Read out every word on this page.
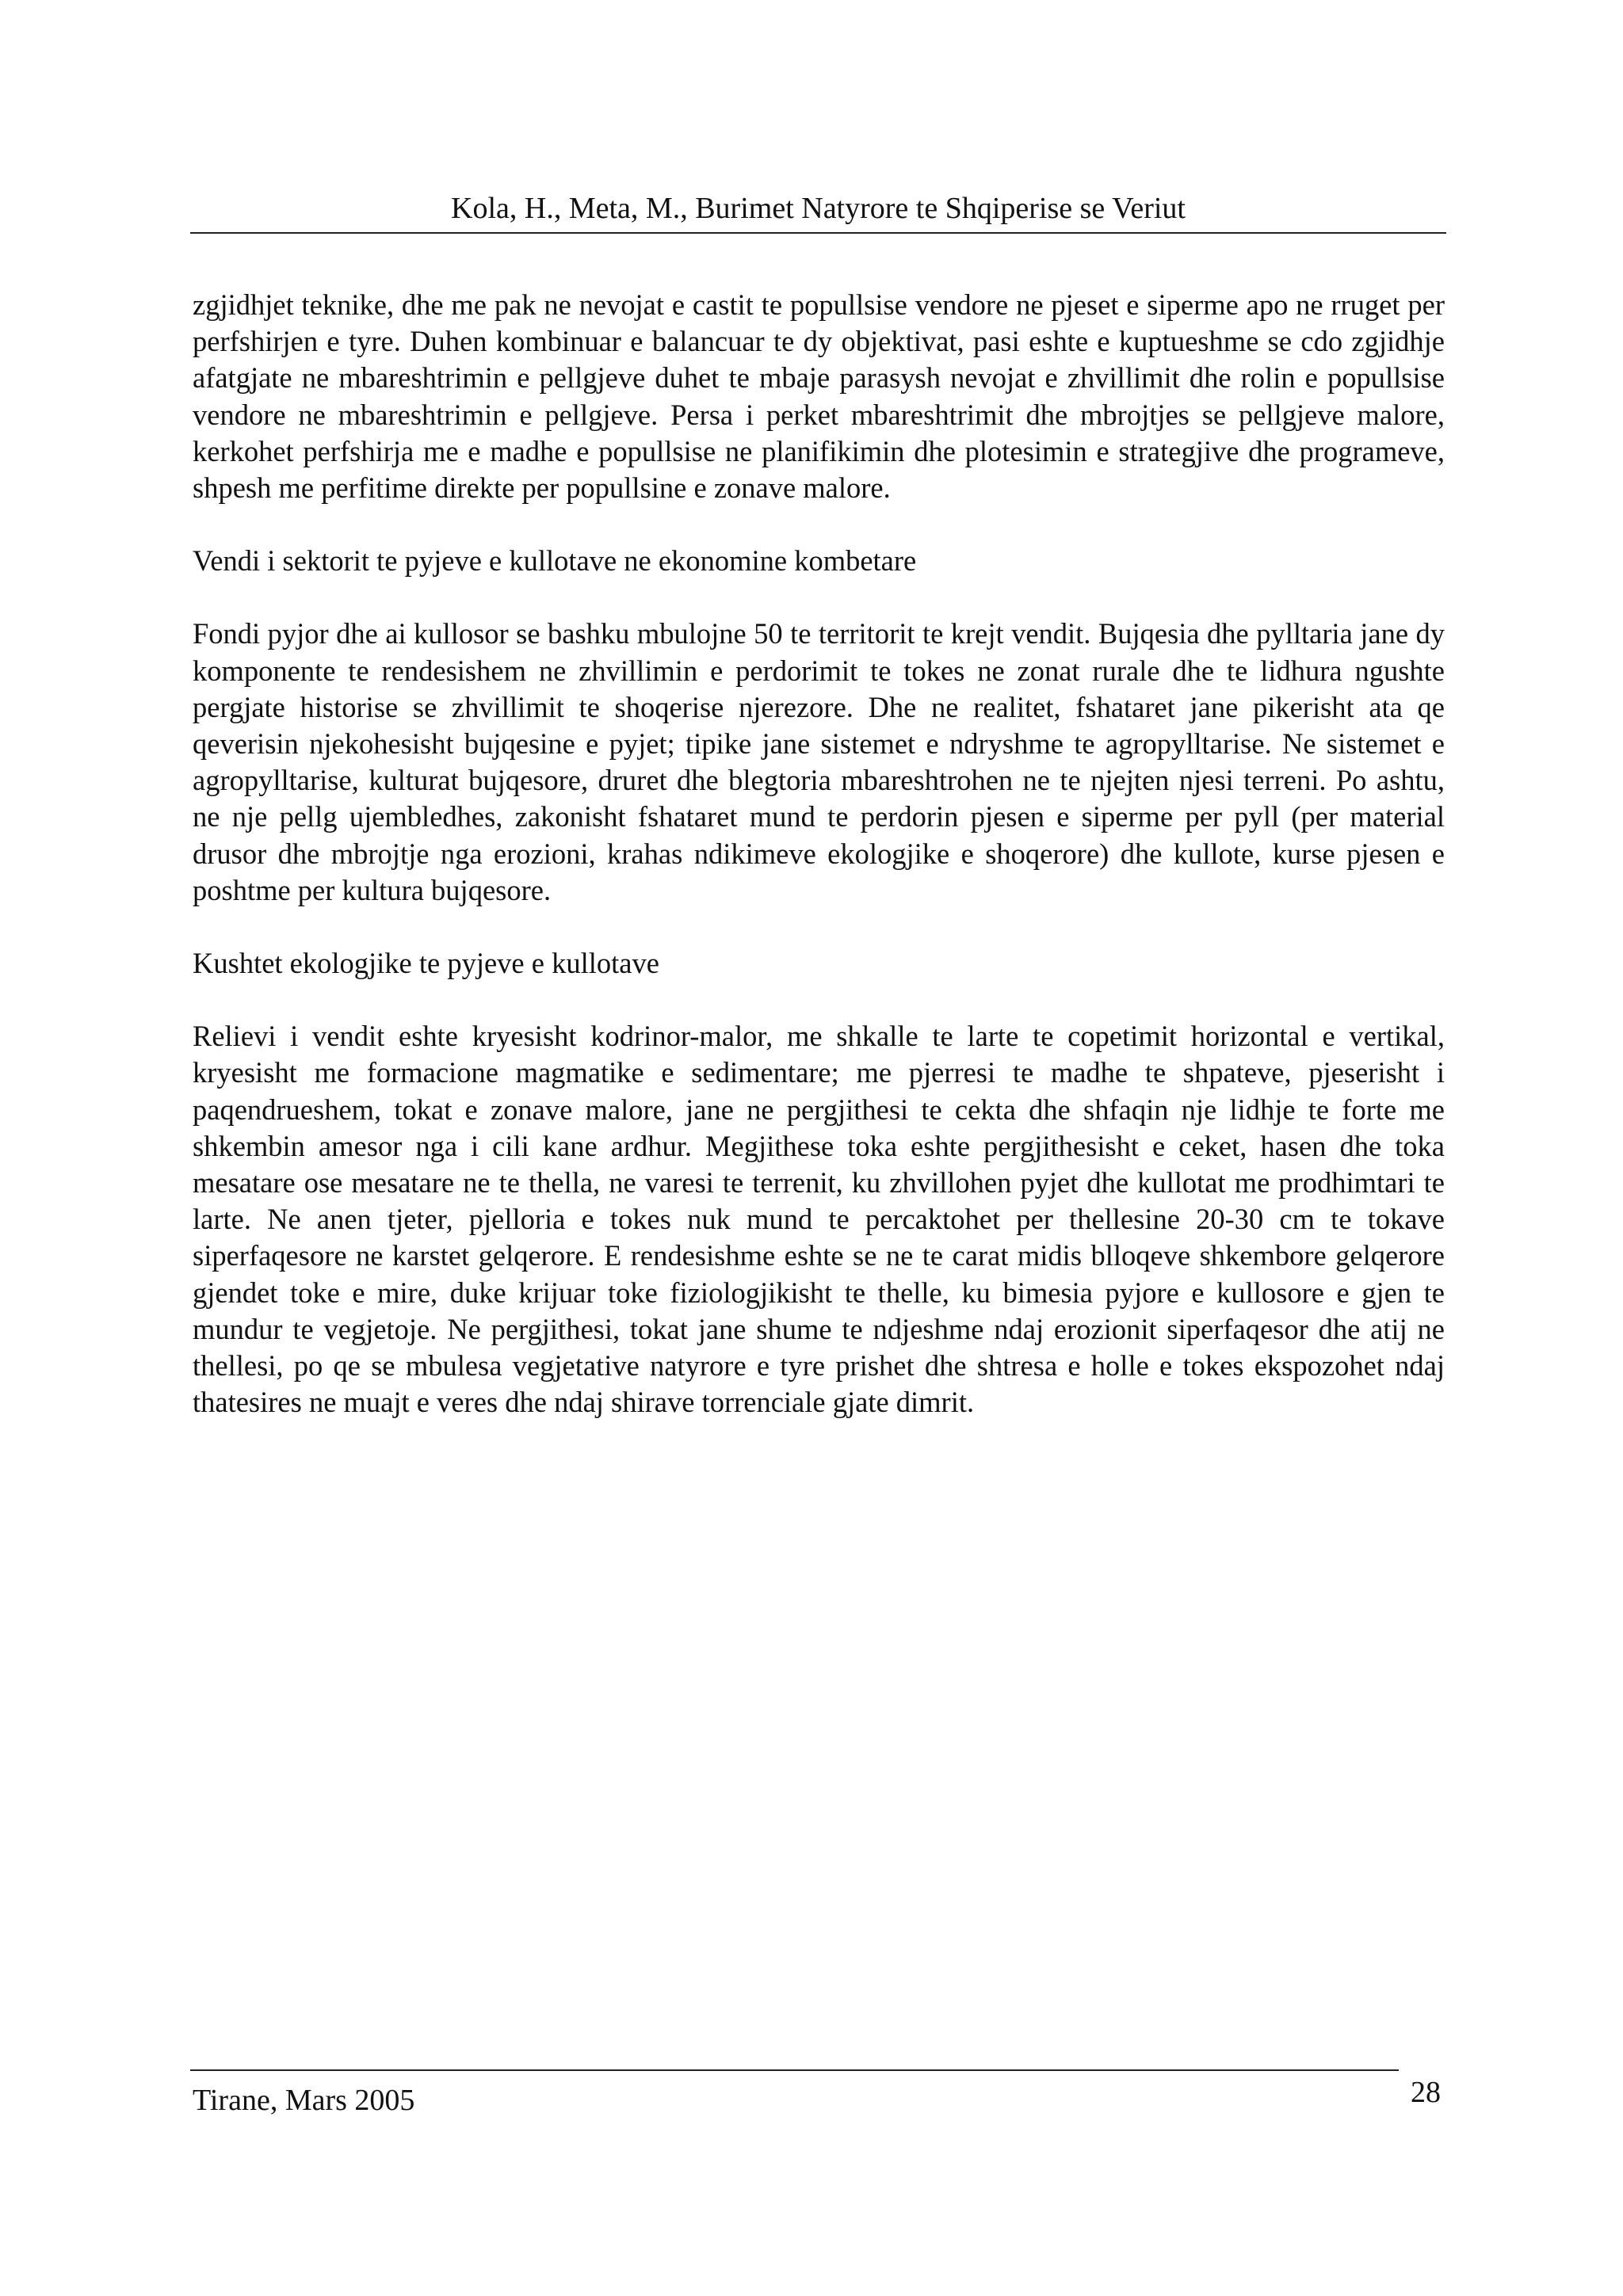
Kola, H., Meta, M., Burimet Natyrore te Shqiperise se Veriut

zgjidhjet teknike, dhe me pak ne nevojat e castit te popullsise vendore ne pjeset e siperme apo ne rruget per perfshirjen e tyre. Duhen kombinuar e balancuar te dy objektivat, pasi eshte e kuptueshme se cdo zgjidhje afatgjate ne mbareshtrimin e pellgjeve duhet te mbaje parasysh nevojat e zhvillimit dhe rolin e popullsise vendore ne mbareshtrimin e pellgjeve. Persa i perket mbareshtrimit dhe mbrojtjes se pellgjeve malore, kerkohet perfshirja me e madhe e popullsise ne planifikimin dhe plotesimin e strategjive dhe programeve, shpesh me perfitime direkte per popullsine e zonave malore.

Vendi i sektorit te pyjeve e kullotave ne ekonomine kombetare

Fondi pyjor dhe ai kullosor se bashku mbulojne 50 te territorit te krejt vendit. Bujqesia dhe pylltaria jane dy komponente te rendesishem ne zhvillimin e perdorimit te tokes ne zonat rurale dhe te lidhura ngushte pergjate historise se zhvillimit te shoqerise njerezore. Dhe ne realitet, fshataret jane pikerisht ata qe qeverisin njekohesisht bujqesine e pyjet; tipike jane sistemet e ndryshme te agropylltarise. Ne sistemet e agropylltarise, kulturat bujqesore, druret dhe blegtoria mbareshtrohen ne te njejten njesi terreni. Po ashtu, ne nje pellg ujembledhes, zakonisht fshataret mund te perdorin pjesen e siperme per pyll (per material drusor dhe mbrojtje nga erozioni, krahas ndikimeve ekologjike e shoqerore) dhe kullote, kurse pjesen e poshtme per kultura bujqesore.

Kushtet ekologjike te pyjeve e kullotave

Relievi i vendit eshte kryesisht kodrinor-malor, me shkalle te larte te copetimit horizontal e vertikal, kryesisht me formacione magmatike e sedimentare; me pjerresi te madhe te shpateve, pjeserisht i paqendrueshem, tokat e zonave malore, jane ne pergjithesi te cekta dhe shfaqin nje lidhje te forte me shkembin amesor nga i cili kane ardhur. Megjithese toka eshte pergjithesisht e ceket, hasen dhe toka mesatare ose mesatare ne te thella, ne varesi te terrenit, ku zhvillohen pyjet dhe kullotat me prodhimtari te larte. Ne anen tjeter, pjelloria e tokes nuk mund te percaktohet per thellesine 20-30 cm te tokave siperfaqesore ne karstet gelqerore. E rendesishme eshte se ne te carat midis blloqeve shkembore gelqerore gjendet toke e mire, duke krijuar toke fiziologjikisht te thelle, ku bimesia pyjore e kullosore e gjen te mundur te vegjetoje. Ne pergjithesi, tokat jane shume te ndjeshme ndaj erozionit siperfaqesor dhe atij ne thellesi, po qe se mbulesa vegjetative natyrore e tyre prishet dhe shtresa e holle e tokes ekspozohet ndaj thatesires ne muajt e veres dhe ndaj shirave torrenciale gjate dimrit.

Tirane, Mars 2005	28
